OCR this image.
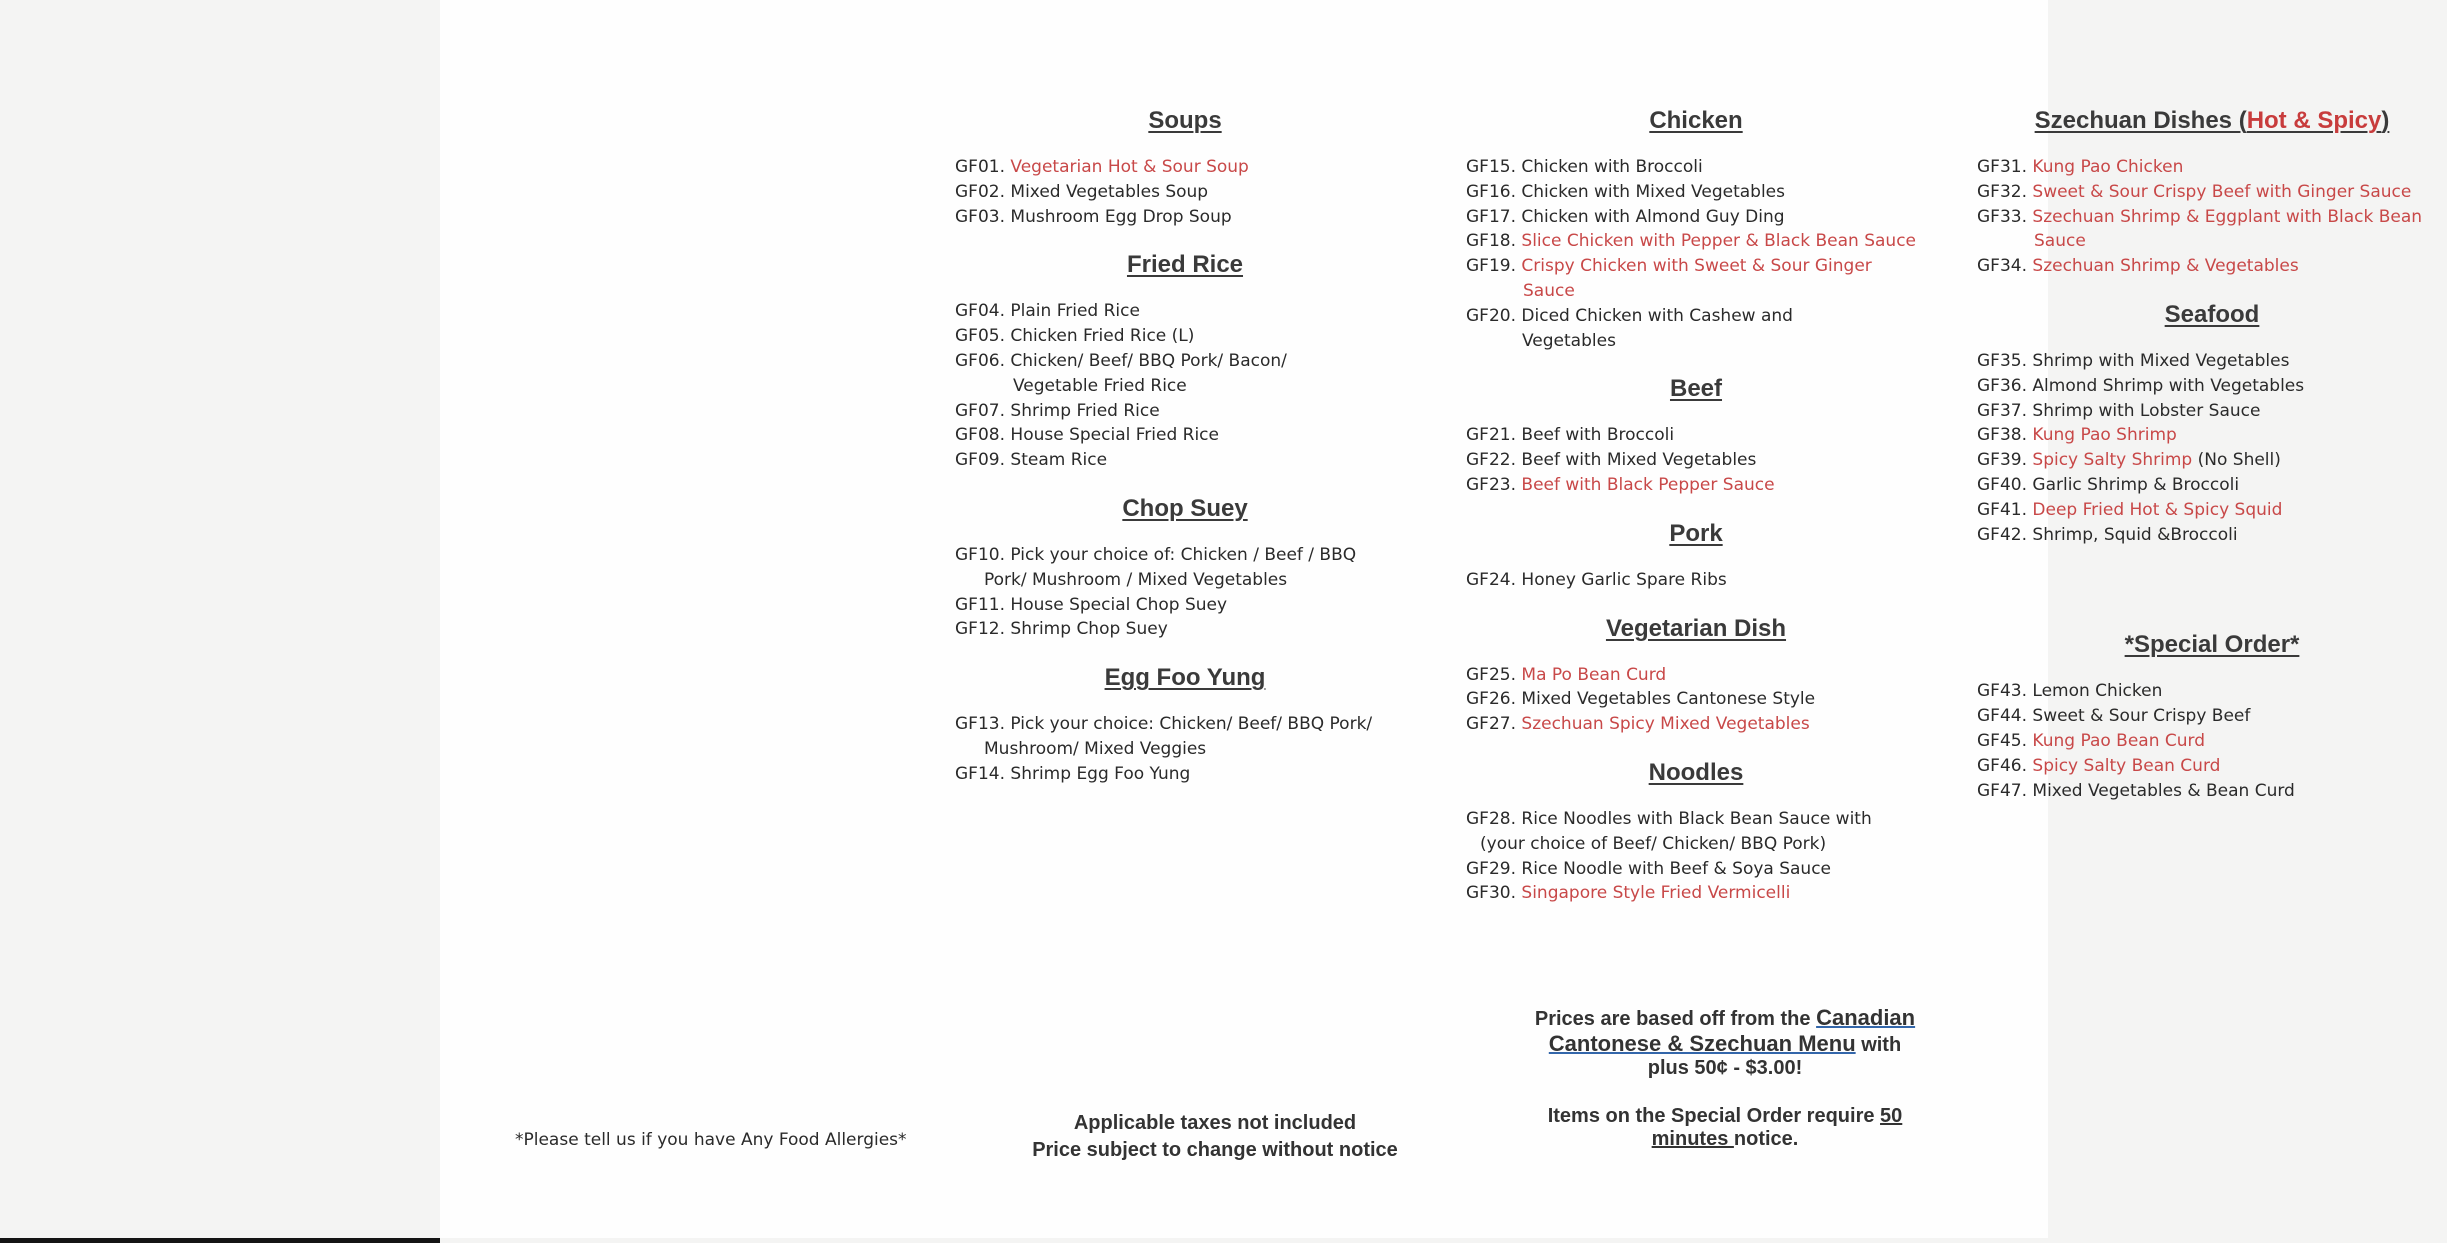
Soups
GF01. Vegetarian Hot & Sour Soup
GF02. Mixed Vegetables Soup
GF03. Mushroom Egg Drop Soup
Fried Rice
GF04. Plain Fried Rice
GF05. Chicken Fried Rice (L)
GF06. Chicken/ Beef/ BBQ Pork/ Bacon/
Vegetable Fried Rice
GF07. Shrimp Fried Rice
GF08. House Special Fried Rice
GF09. Steam Rice
Chop Suey
GF10. Pick your choice of: Chicken / Beef / BBQ
Pork/ Mushroom / Mixed Vegetables
GF11. House Special Chop Suey
GF12. Shrimp Chop Suey
Egg Foo Yung
GF13. Pick your choice: Chicken/ Beef/ BBQ Pork/
Mushroom/ Mixed Veggies
GF14. Shrimp Egg Foo Yung
Chicken
GF15. Chicken with Broccoli
GF16. Chicken with Mixed Vegetables
GF17. Chicken with Almond Guy Ding
GF18. Slice Chicken with Pepper & Black Bean Sauce
GF19. Crispy Chicken with Sweet & Sour Ginger
Sauce
GF20. Diced Chicken with Cashew and
Vegetables
Beef
GF21. Beef with Broccoli
GF22. Beef with Mixed Vegetables
GF23. Beef with Black Pepper Sauce
Pork
GF24. Honey Garlic Spare Ribs
Vegetarian Dish
GF25. Ma Po Bean Curd
GF26. Mixed Vegetables Cantonese Style
GF27. Szechuan Spicy Mixed Vegetables
Noodles
GF28. Rice Noodles with Black Bean Sauce with
(your choice of Beef/ Chicken/ BBQ Pork)
GF29. Rice Noodle with Beef & Soya Sauce
GF30. Singapore Style Fried Vermicelli
Szechuan Dishes (Hot & Spicy)
GF31. Kung Pao Chicken
GF32. Sweet & Sour Crispy Beef with Ginger Sauce
GF33. Szechuan Shrimp & Eggplant with Black Bean
Sauce
GF34. Szechuan Shrimp & Vegetables
Seafood
GF35. Shrimp with Mixed Vegetables
GF36. Almond Shrimp with Vegetables
GF37. Shrimp with Lobster Sauce
GF38. Kung Pao Shrimp
GF39. Spicy Salty Shrimp (No Shell)
GF40. Garlic Shrimp & Broccoli
GF41. Deep Fried Hot & Spicy Squid
GF42. Shrimp, Squid &Broccoli
*Special Order*
GF43. Lemon Chicken
GF44. Sweet & Sour Crispy Beef
GF45. Kung Pao Bean Curd
GF46. Spicy Salty Bean Curd
GF47. Mixed Vegetables & Bean Curd
*Please tell us if you have Any Food Allergies*
Applicable taxes not included
Price subject to change without notice
Prices are based off from the Canadian
Cantonese & Szechuan Menu with
plus 50¢ - $3.00!
Items on the Special Order require 50
minutes notice.
